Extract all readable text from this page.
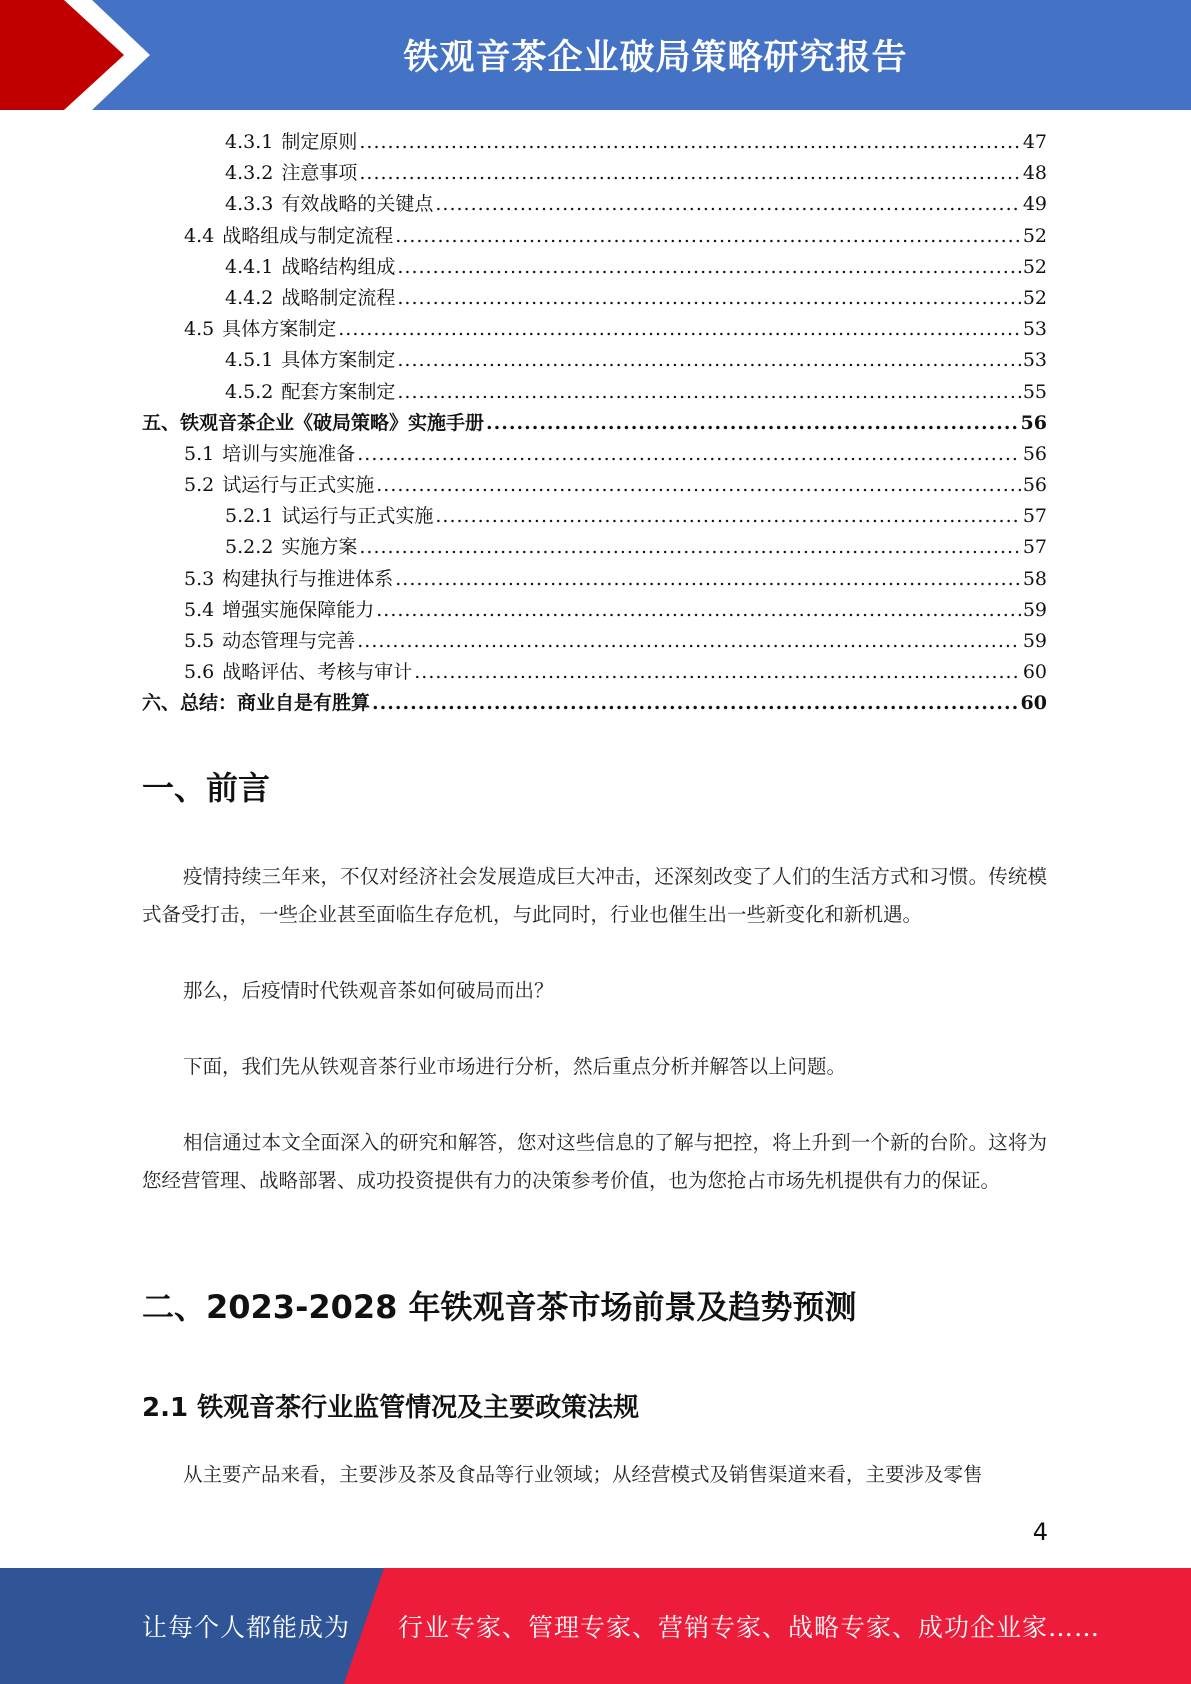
铁观音茶企业破局策略研究报告
4.3.1 制定原则 .....	47
4.3.2 注意事项 .....	48
4.3.3 有效战略的关键点 .....	49
4.4 战略组成与制定流程 .....	52
4.4.1 战略结构组成 .....	52
4.4.2 战略制定流程 .....	52
4.5 具体方案制定 .....	53
4.5.1 具体方案制定 .....	53
4.5.2 配套方案制定 .....	55
五、铁观音茶企业《破局策略》实施手册 .....	56
5.1 培训与实施准备 .....	56
5.2 试运行与正式实施 .....	56
5.2.1 试运行与正式实施 .....	57
5.2.2 实施方案 .....	57
5.3 构建执行与推进体系 .....	58
5.4 增强实施保障能力 .....	59
5.5 动态管理与完善 .....	59
5.6 战略评估、考核与审计 .....	60
六、总结：商业自是有胜算 .....	60
一、前言

疫情持续三年来，不仅对经济社会发展造成巨大冲击，还深刻改变了人们的生活方式和习惯。传统模式备受打击，一些企业甚至面临生存危机，与此同时，行业也催生出一些新变化和新机遇。

那么，后疫情时代铁观音茶如何破局而出？

下面，我们先从铁观音茶行业市场进行分析，然后重点分析并解答以上问题。

相信通过本文全面深入的研究和解答，您对这些信息的了解与把控，将上升到一个新的台阶。这将为您经营管理、战略部署、成功投资提供有力的决策参考价值，也为您抢占市场先机提供有力的保证。

二、2023-2028 年铁观音茶市场前景及趋势预测
2.1 铁观音茶行业监管情况及主要政策法规

从主要产品来看，主要涉及茶及食品等行业领域；从经营模式及销售渠道来看，主要涉及零售

4
让每个人都能成为 行业专家、管理专家、营销专家、战略专家、成功企业家……
